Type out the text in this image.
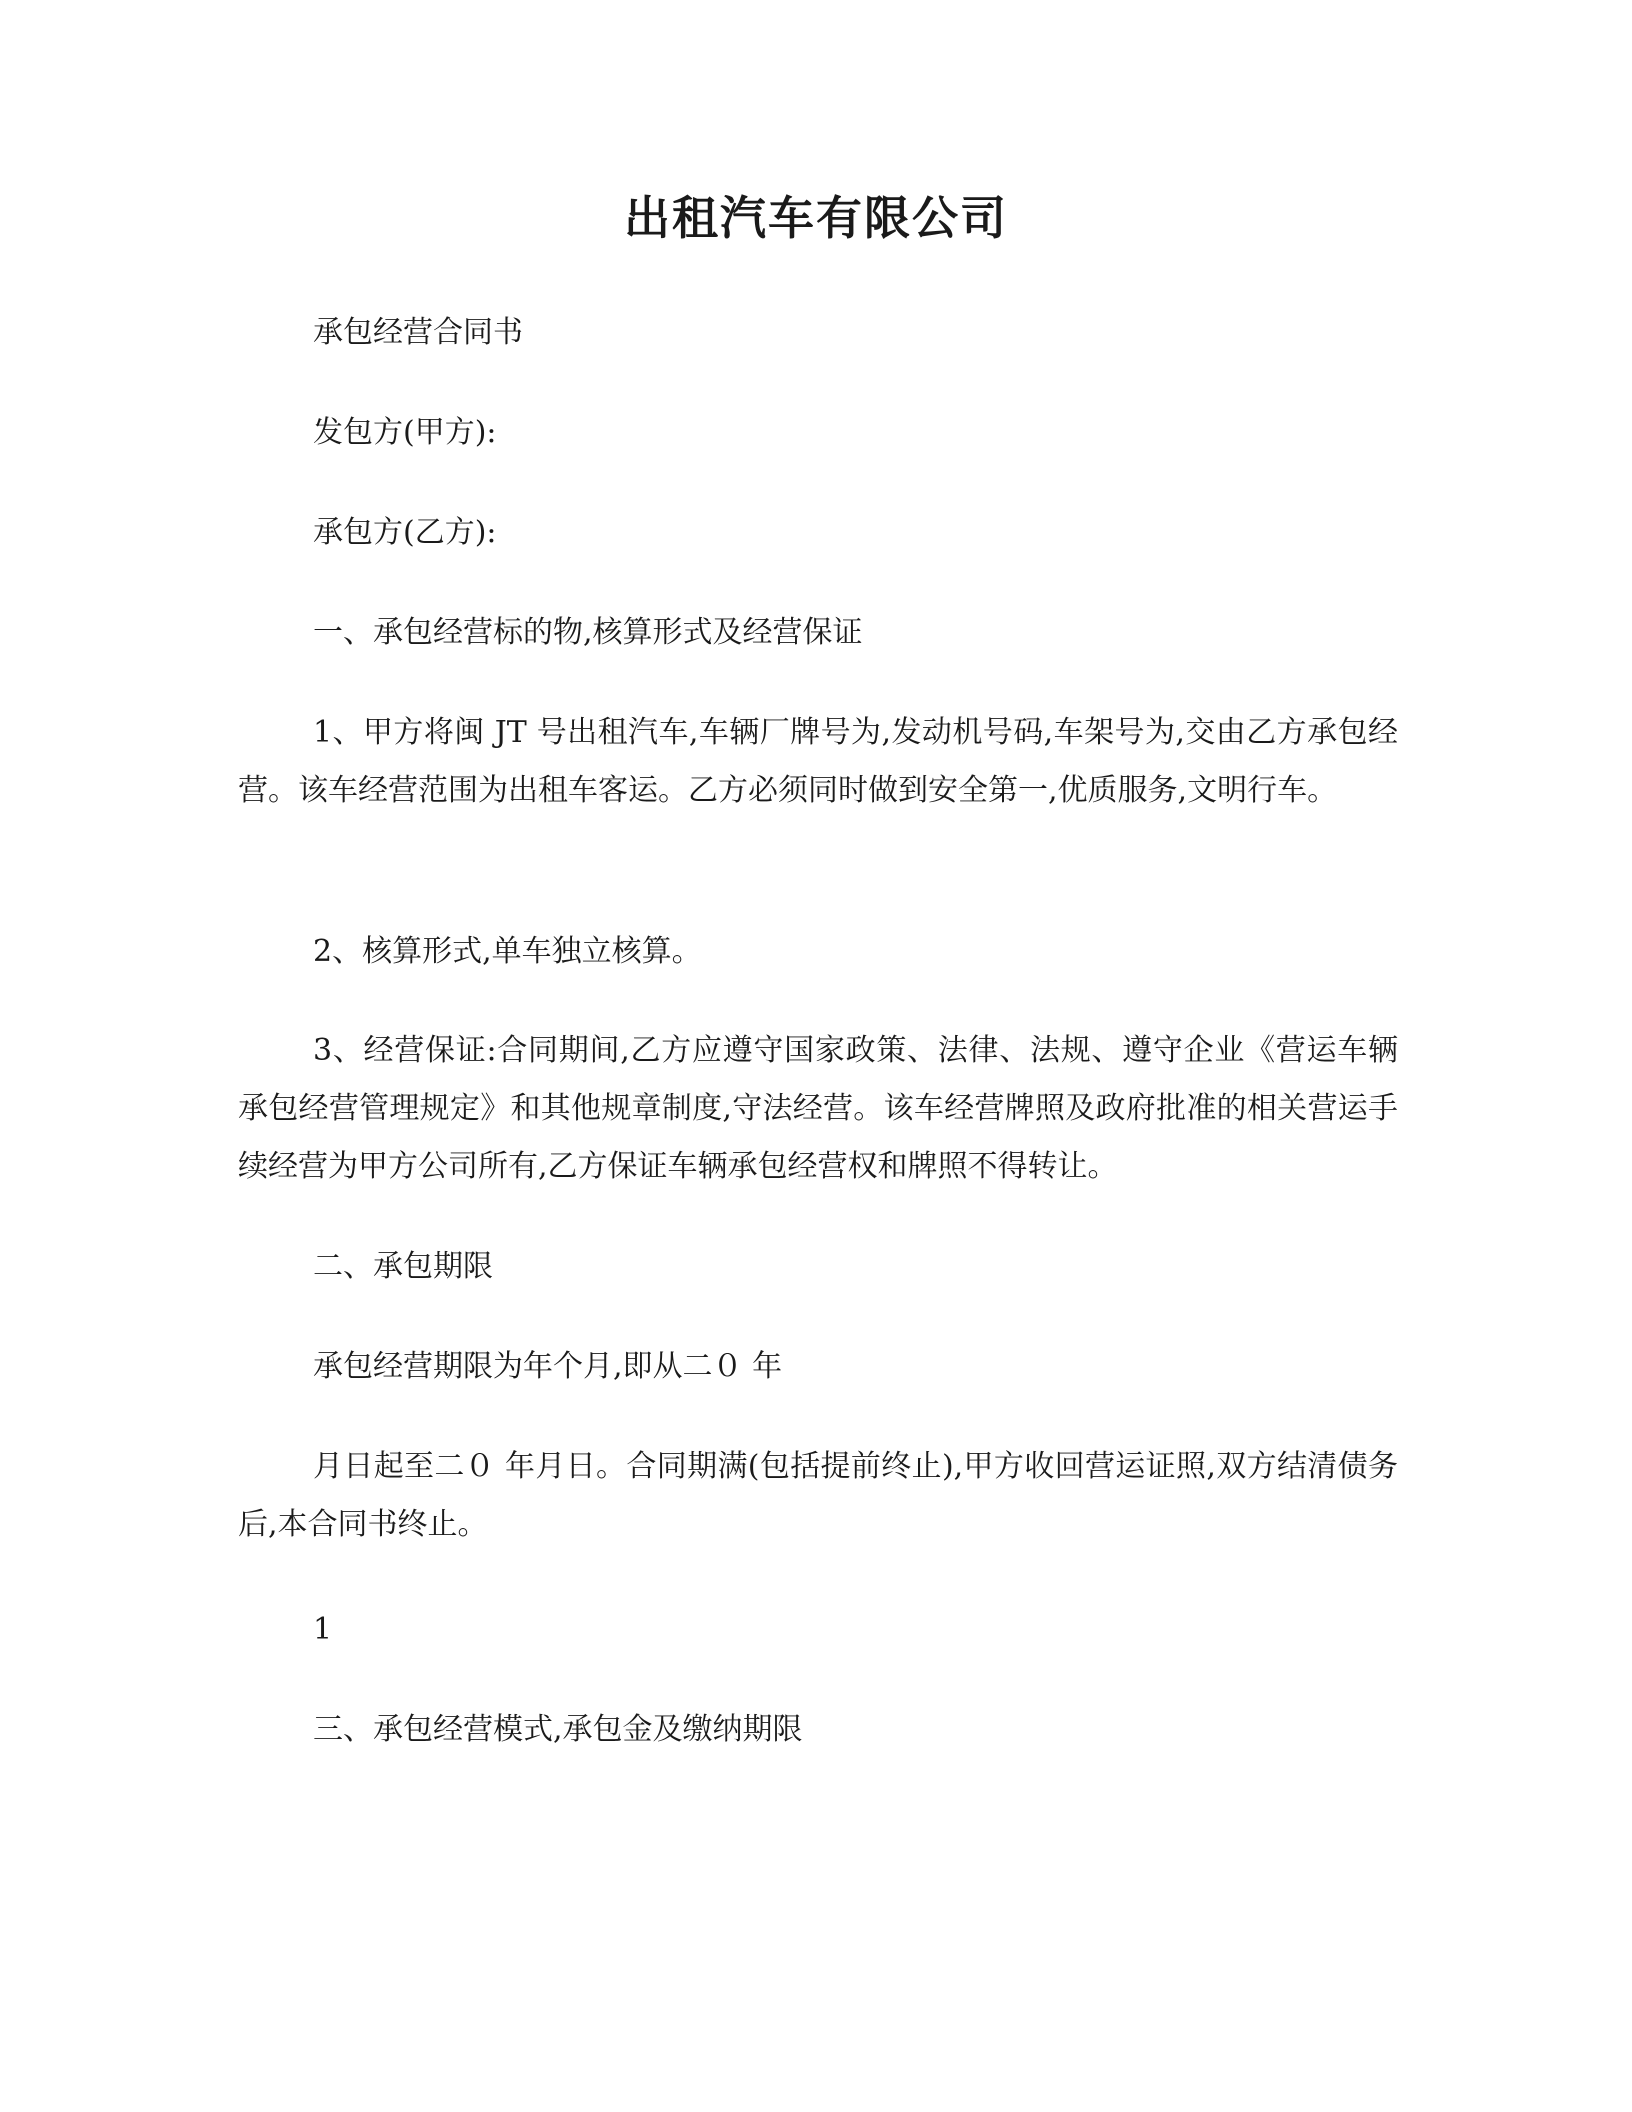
出租汽车有限公司
承包经营合同书
发包方(甲方):
承包方(乙方):
一、承包经营标的物,核算形式及经营保证
1、甲方将闽 JT 号出租汽车,车辆厂牌号为,发动机号码,车架号为,交由乙方承包经营。该车经营范围为出租车客运。乙方必须同时做到安全第一,优质服务,文明行车。
2、核算形式,单车独立核算。
3、经营保证:合同期间,乙方应遵守国家政策、法律、法规、遵守企业《营运车辆承包经营管理规定》和其他规章制度,守法经营。该车经营牌照及政府批准的相关营运手续经营为甲方公司所有,乙方保证车辆承包经营权和牌照不得转让。
二、承包期限
承包经营期限为年个月,即从二０ 年
月日起至二０ 年月日。合同期满(包括提前终止),甲方收回营运证照,双方结清债务后,本合同书终止。
1
三、承包经营模式,承包金及缴纳期限
